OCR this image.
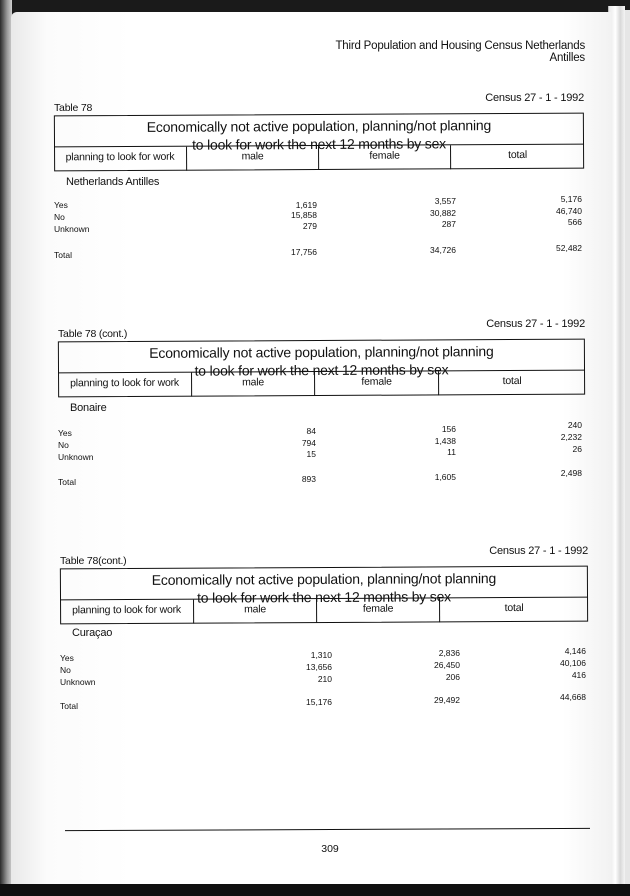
Third Population and Housing Census Netherlands Antilles
Census 27 - 1 - 1992
Table 78
Economically not active population, planning/not planning
to look for work the next 12 months by sex
planning to look for work	male	female	total
Netherlands Antilles
Yes	1,619	3,557	5,176
No	15,858	30,882	46,740
Unknown	279	287	566
Total	17,756	34,726	52,482
Census 27 - 1 - 1992
Table 78 (cont.)
Economically not active population, planning/not planning
to look for work the next 12 months by sex
planning to look for work	male	female	total
Bonaire
Yes	84	156	240
No	794	1,438	2,232
Unknown	15	11	26
Total	893	1,605	2,498
Census 27 - 1 - 1992
Table 78(cont.)
Economically not active population, planning/not planning
to look for work the next 12 months by sex
planning to look for work	male	female	total
Curaçao
Yes	1,310	2,836	4,146
No	13,656	26,450	40,106
Unknown	210	206	416
Total	15,176	29,492	44,668
309
